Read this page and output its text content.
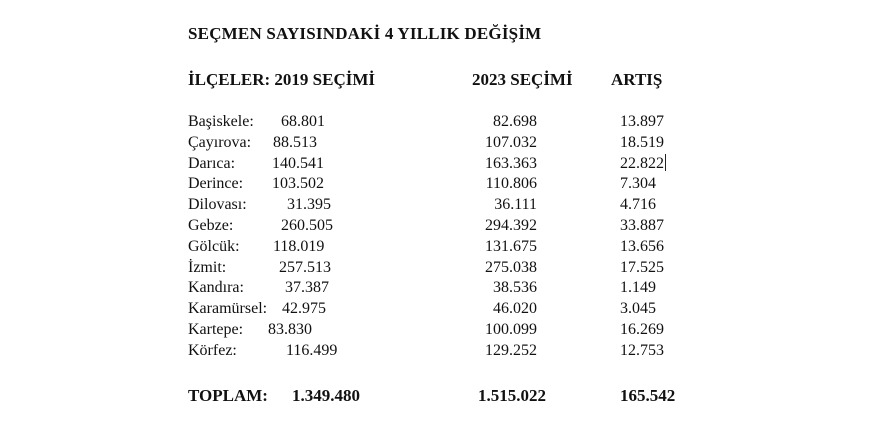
SEÇMEN SAYISINDAKİ 4 YILLIK DEĞİŞİM
İLÇELER: 2019 SEÇİMİ	2023 SEÇİMİ ARTIŞ
Başiskele: 68.801	82.698	13.897
Çayırova: 88.513	107.032	18.519
Darıca: 140.541	163.363	22.822
Derince: 103.502	110.806	7.304
Dilovası:	31.395	36.111	4.716
Gebze:	260.505	294.392	33.887
Gölcük: 118.019	131.675	13.656
İzmit:	257.513	275.038	17.525
Kandıra:	37.387	38.536	1.149
Karamürsel: 42.975	46.020	3.045
Kartepe: 83.830	100.099	16.269
Körfez:	116.499	129.252	12.753
TOPLAM: 1.349.480	1.515.022	165.542
